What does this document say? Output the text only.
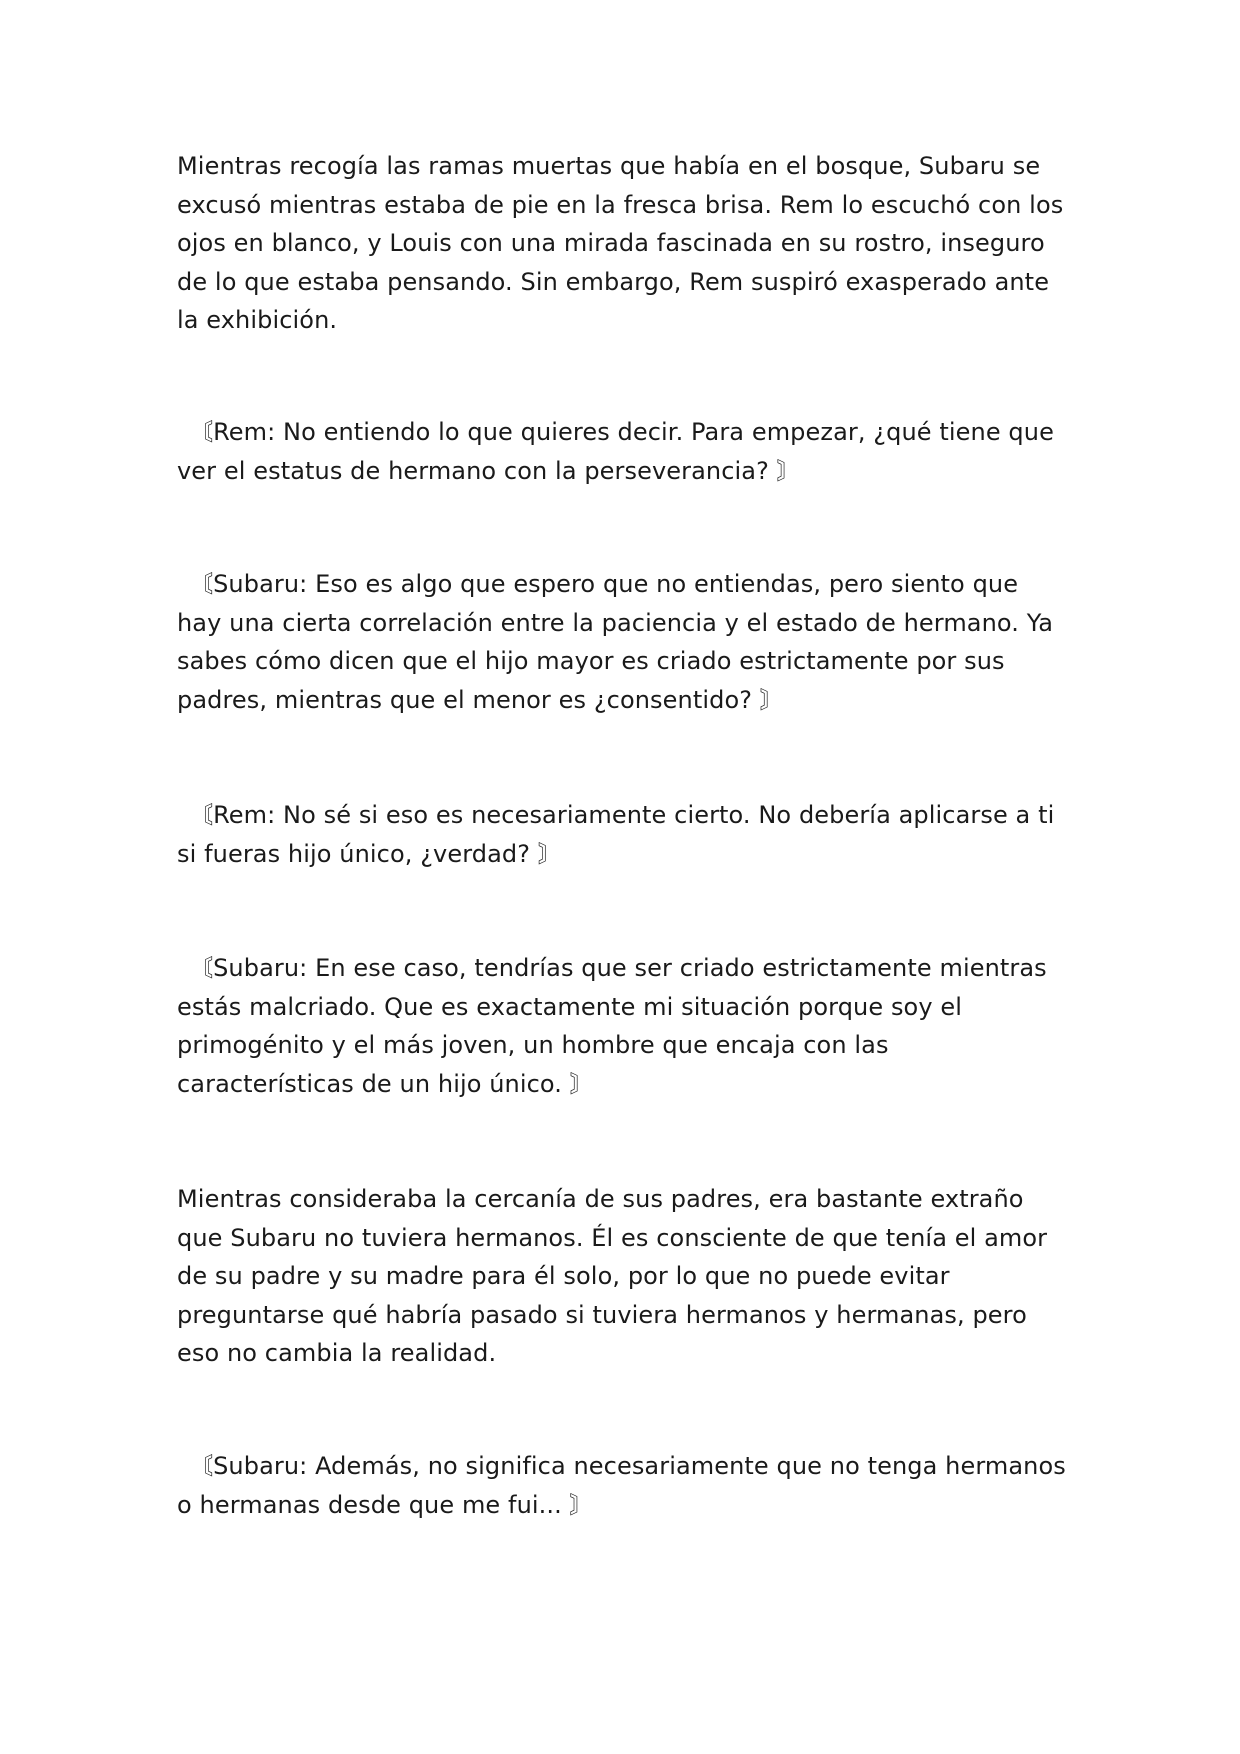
Mientras recogía las ramas muertas que había en el bosque, Subaru se excusó mientras estaba de pie en la fresca brisa. Rem lo escuchó con los ojos en blanco, y Louis con una mirada fascinada en su rostro, inseguro de lo que estaba pensando. Sin embargo, Rem suspiró exasperado ante la exhibición.

〘Rem: No entiendo lo que quieres decir. Para empezar, ¿qué tiene que ver el estatus de hermano con la perseverancia? 〙

〘Subaru: Eso es algo que espero que no entiendas, pero siento que hay una cierta correlación entre la paciencia y el estado de hermano. Ya sabes cómo dicen que el hijo mayor es criado estrictamente por sus padres, mientras que el menor es ¿consentido? 〙

〘Rem: No sé si eso es necesariamente cierto. No debería aplicarse a ti si fueras hijo único, ¿verdad? 〙

〘Subaru: En ese caso, tendrías que ser criado estrictamente mientras estás malcriado. Que es exactamente mi situación porque soy el primogénito y el más joven, un hombre que encaja con las características de un hijo único. 〙

Mientras consideraba la cercanía de sus padres, era bastante extraño que Subaru no tuviera hermanos. Él es consciente de que tenía el amor de su padre y su madre para él solo, por lo que no puede evitar preguntarse qué habría pasado si tuviera hermanos y hermanas, pero eso no cambia la realidad.

〘Subaru: Además, no significa necesariamente que no tenga hermanos o hermanas desde que me fui... 〙
